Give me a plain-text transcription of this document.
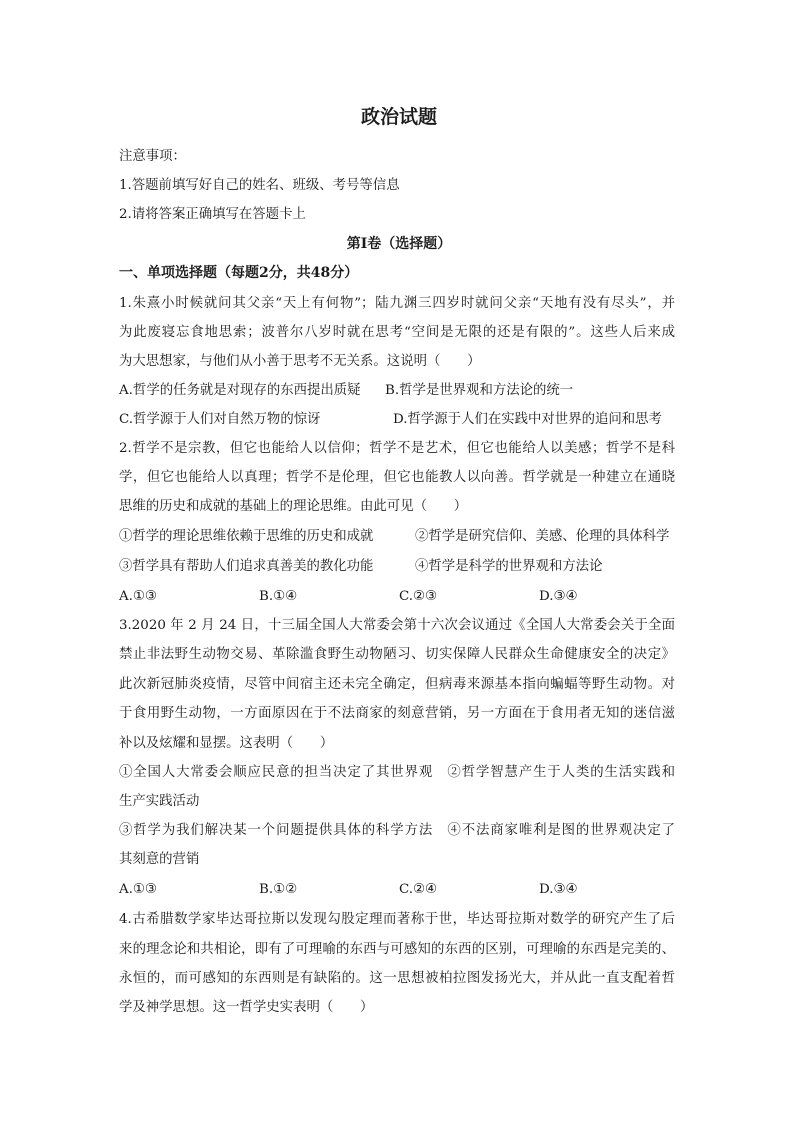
政治试题
注意事项：
1.答题前填写好自己的姓名、班级、考号等信息
2.请将答案正确填写在答题卡上
第I卷（选择题）
一、单项选择题（每题2分，共48分）
1.朱熹小时候就问其父亲“天上有何物”；陆九渊三四岁时就问父亲“天地有没有尽头”，并
为此废寝忘食地思索；波普尔八岁时就在思考“空间是无限的还是有限的”。这些人后来成
为大思想家，与他们从小善于思考不无关系。这说明（　　）
A.哲学的任务就是对现存的东西提出质疑 B.哲学是世界观和方法论的统一
C.哲学源于人们对自然万物的惊讶	D.哲学源于人们在实践中对世界的追问和思考
2.哲学不是宗教，但它也能给人以信仰；哲学不是艺术，但它也能给人以美感；哲学不是科
学，但它也能给人以真理；哲学不是伦理，但它也能教人以向善。哲学就是一种建立在通晓
思维的历史和成就的基础上的理论思维。由此可见（　　）
①哲学的理论思维依赖于思维的历史和成就	②哲学是研究信仰、美感、伦理的具体科学
③哲学具有帮助人们追求真善美的教化功能	④哲学是科学的世界观和方法论
A.①③	B.①④	C.②③	D.③④
3.2020 年 2 月 24 日，十三届全国人大常委会第十六次会议通过《全国人大常委会关于全面
禁止非法野生动物交易、革除滥食野生动物陋习、切实保障人民群众生命健康安全的决定》
此次新冠肺炎疫情，尽管中间宿主还未完全确定，但病毒来源基本指向蝙蝠等野生动物。对
于食用野生动物，一方面原因在于不法商家的刻意营销，另一方面在于食用者无知的迷信滋
补以及炫耀和显摆。这表明（　　）
①全国人大常委会顺应民意的担当决定了其世界观　②哲学智慧产生于人类的生活实践和
生产实践活动
③哲学为我们解决某一个问题提供具体的科学方法　④不法商家唯利是图的世界观决定了
其刻意的营销
A.①③	B.①②	C.②④	D.③④
4.古希腊数学家毕达哥拉斯以发现勾股定理而著称于世，毕达哥拉斯对数学的研究产生了后
来的理念论和共相论，即有了可理喻的东西与可感知的东西的区别，可理喻的东西是完美的、
永恒的，而可感知的东西则是有缺陷的。这一思想被柏拉图发扬光大，并从此一直支配着哲
学及神学思想。这一哲学史实表明（　　）
